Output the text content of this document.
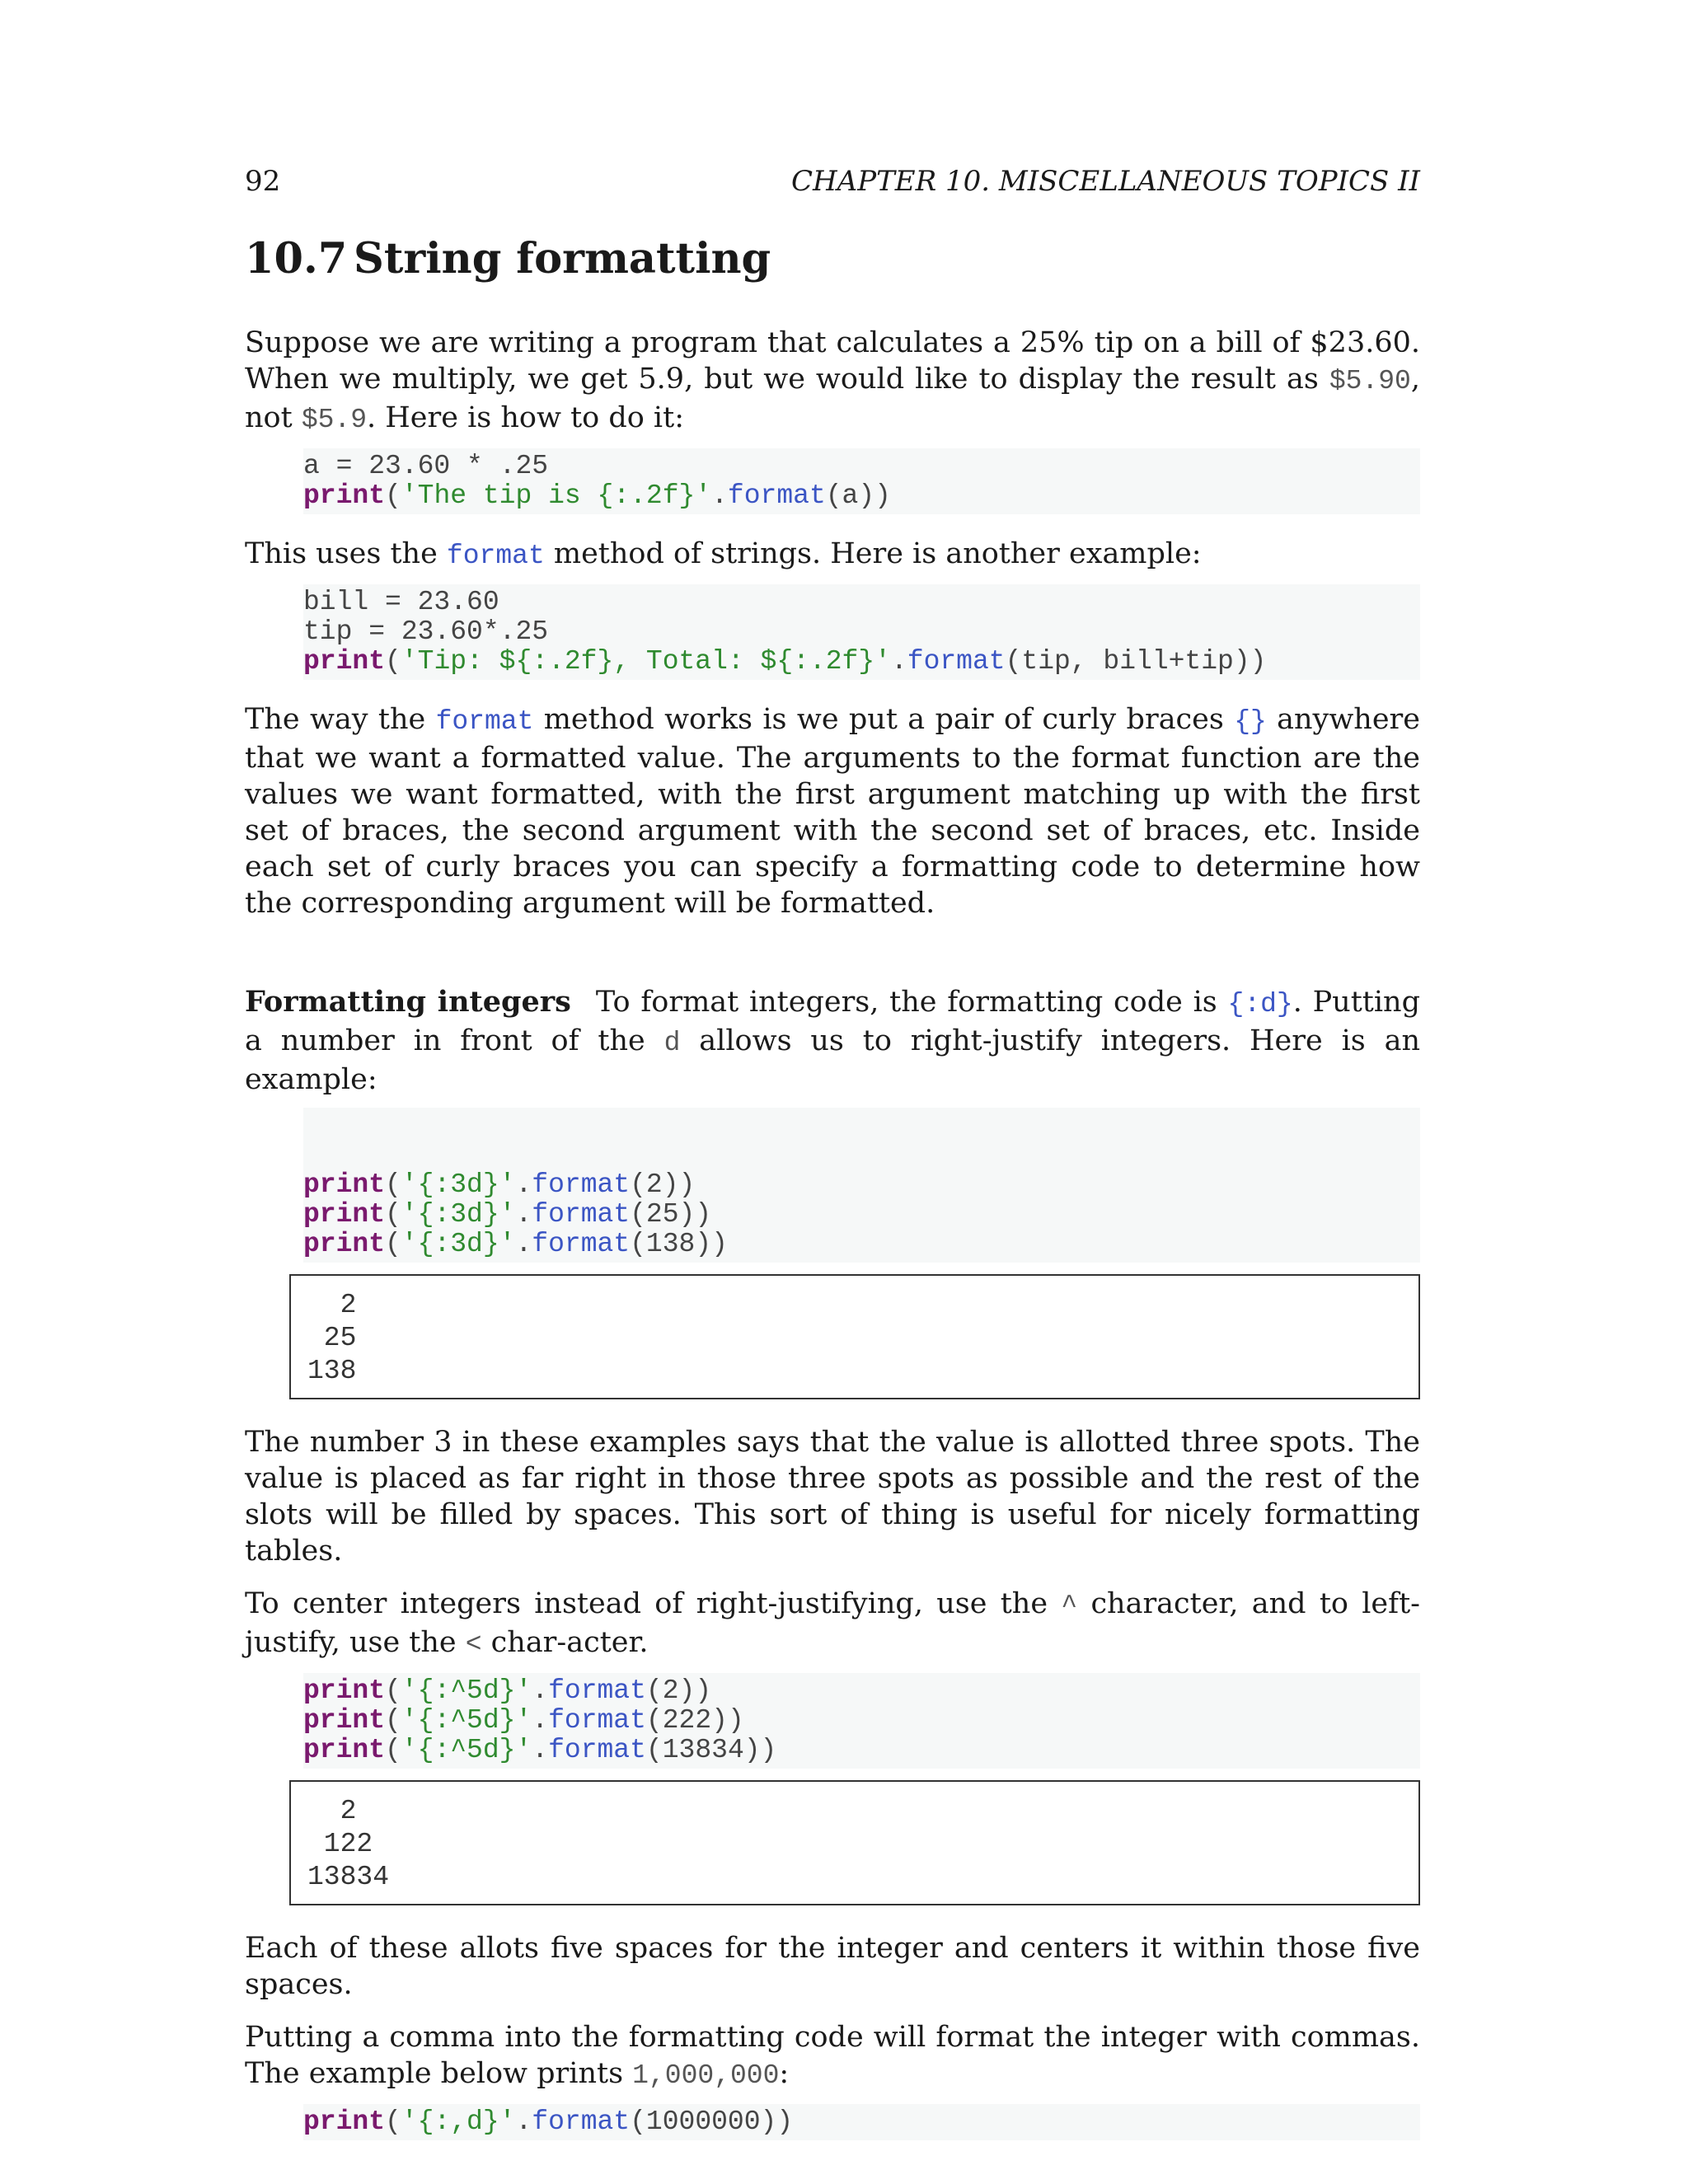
92	CHAPTER 10. MISCELLANEOUS TOPICS II
10.7 String formatting

Suppose we are writing a program that calculates a 25% tip on a bill of $23.60. When we multiply, we get 5.9, but we would like to display the result as $5.90, not $5.9. Here is how to do it:

a = 23.60 * .25
print('The tip is {:.2f}'.format(a))

This uses the format method of strings. Here is another example:

bill = 23.60
tip = 23.60*.25
print('Tip: ${:.2f}, Total: ${:.2f}'.format(tip, bill+tip))

The way the format method works is we put a pair of curly braces {} anywhere that we want a formatted value. The arguments to the format function are the values we want formatted, with the first argument matching up with the first set of braces, the second argument with the second set of braces, etc. Inside each set of curly braces you can specify a formatting code to determine how the corresponding argument will be formatted.

Formatting integers To format integers, the formatting code is {:d}. Putting a number in front of the d allows us to right-justify integers. Here is an example:

print('{:3d}'.format(2))
print('{:3d}'.format(25))
print('{:3d}'.format(138))
2
25
138

The number 3 in these examples says that the value is allotted three spots. The value is placed as far right in those three spots as possible and the rest of the slots will be filled by spaces. This sort of thing is useful for nicely formatting tables.

To center integers instead of right-justifying, use the ^ character, and to left-justify, use the < char-acter.

print('{:^5d}'.format(2))
print('{:^5d}'.format(222))
print('{:^5d}'.format(13834))
2
122
13834

Each of these allots five spaces for the integer and centers it within those five spaces.

Putting a comma into the formatting code will format the integer with commas. The example below prints 1,000,000:

print('{:,d}'.format(1000000))
